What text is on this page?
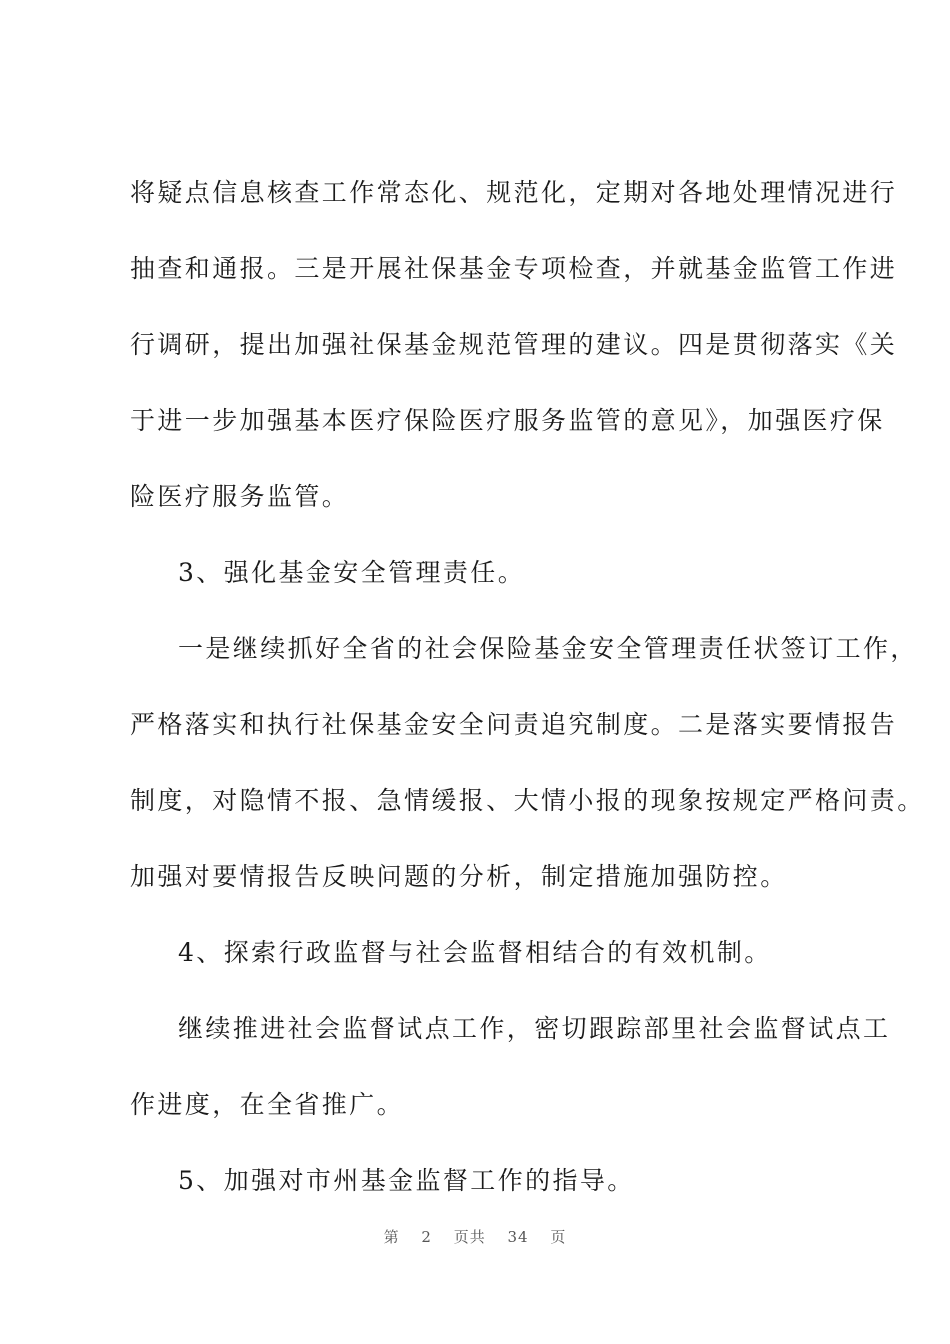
将疑点信息核查工作常态化、规范化，定期对各地处理情况进行
抽查和通报。三是开展社保基金专项检查，并就基金监管工作进
行调研，提出加强社保基金规范管理的建议。四是贯彻落实《关
于进一步加强基本医疗保险医疗服务监管的意见》，加强医疗保
险医疗服务监管。
3、强化基金安全管理责任。
一是继续抓好全省的社会保险基金安全管理责任状签订工作，
严格落实和执行社保基金安全问责追究制度。二是落实要情报告
制度，对隐情不报、急情缓报、大情小报的现象按规定严格问责。
加强对要情报告反映问题的分析，制定措施加强防控。
4、探索行政监督与社会监督相结合的有效机制。
继续推进社会监督试点工作，密切跟踪部里社会监督试点工
作进度，在全省推广。
5、加强对市州基金监督工作的指导。
第 2 页共 34 页
